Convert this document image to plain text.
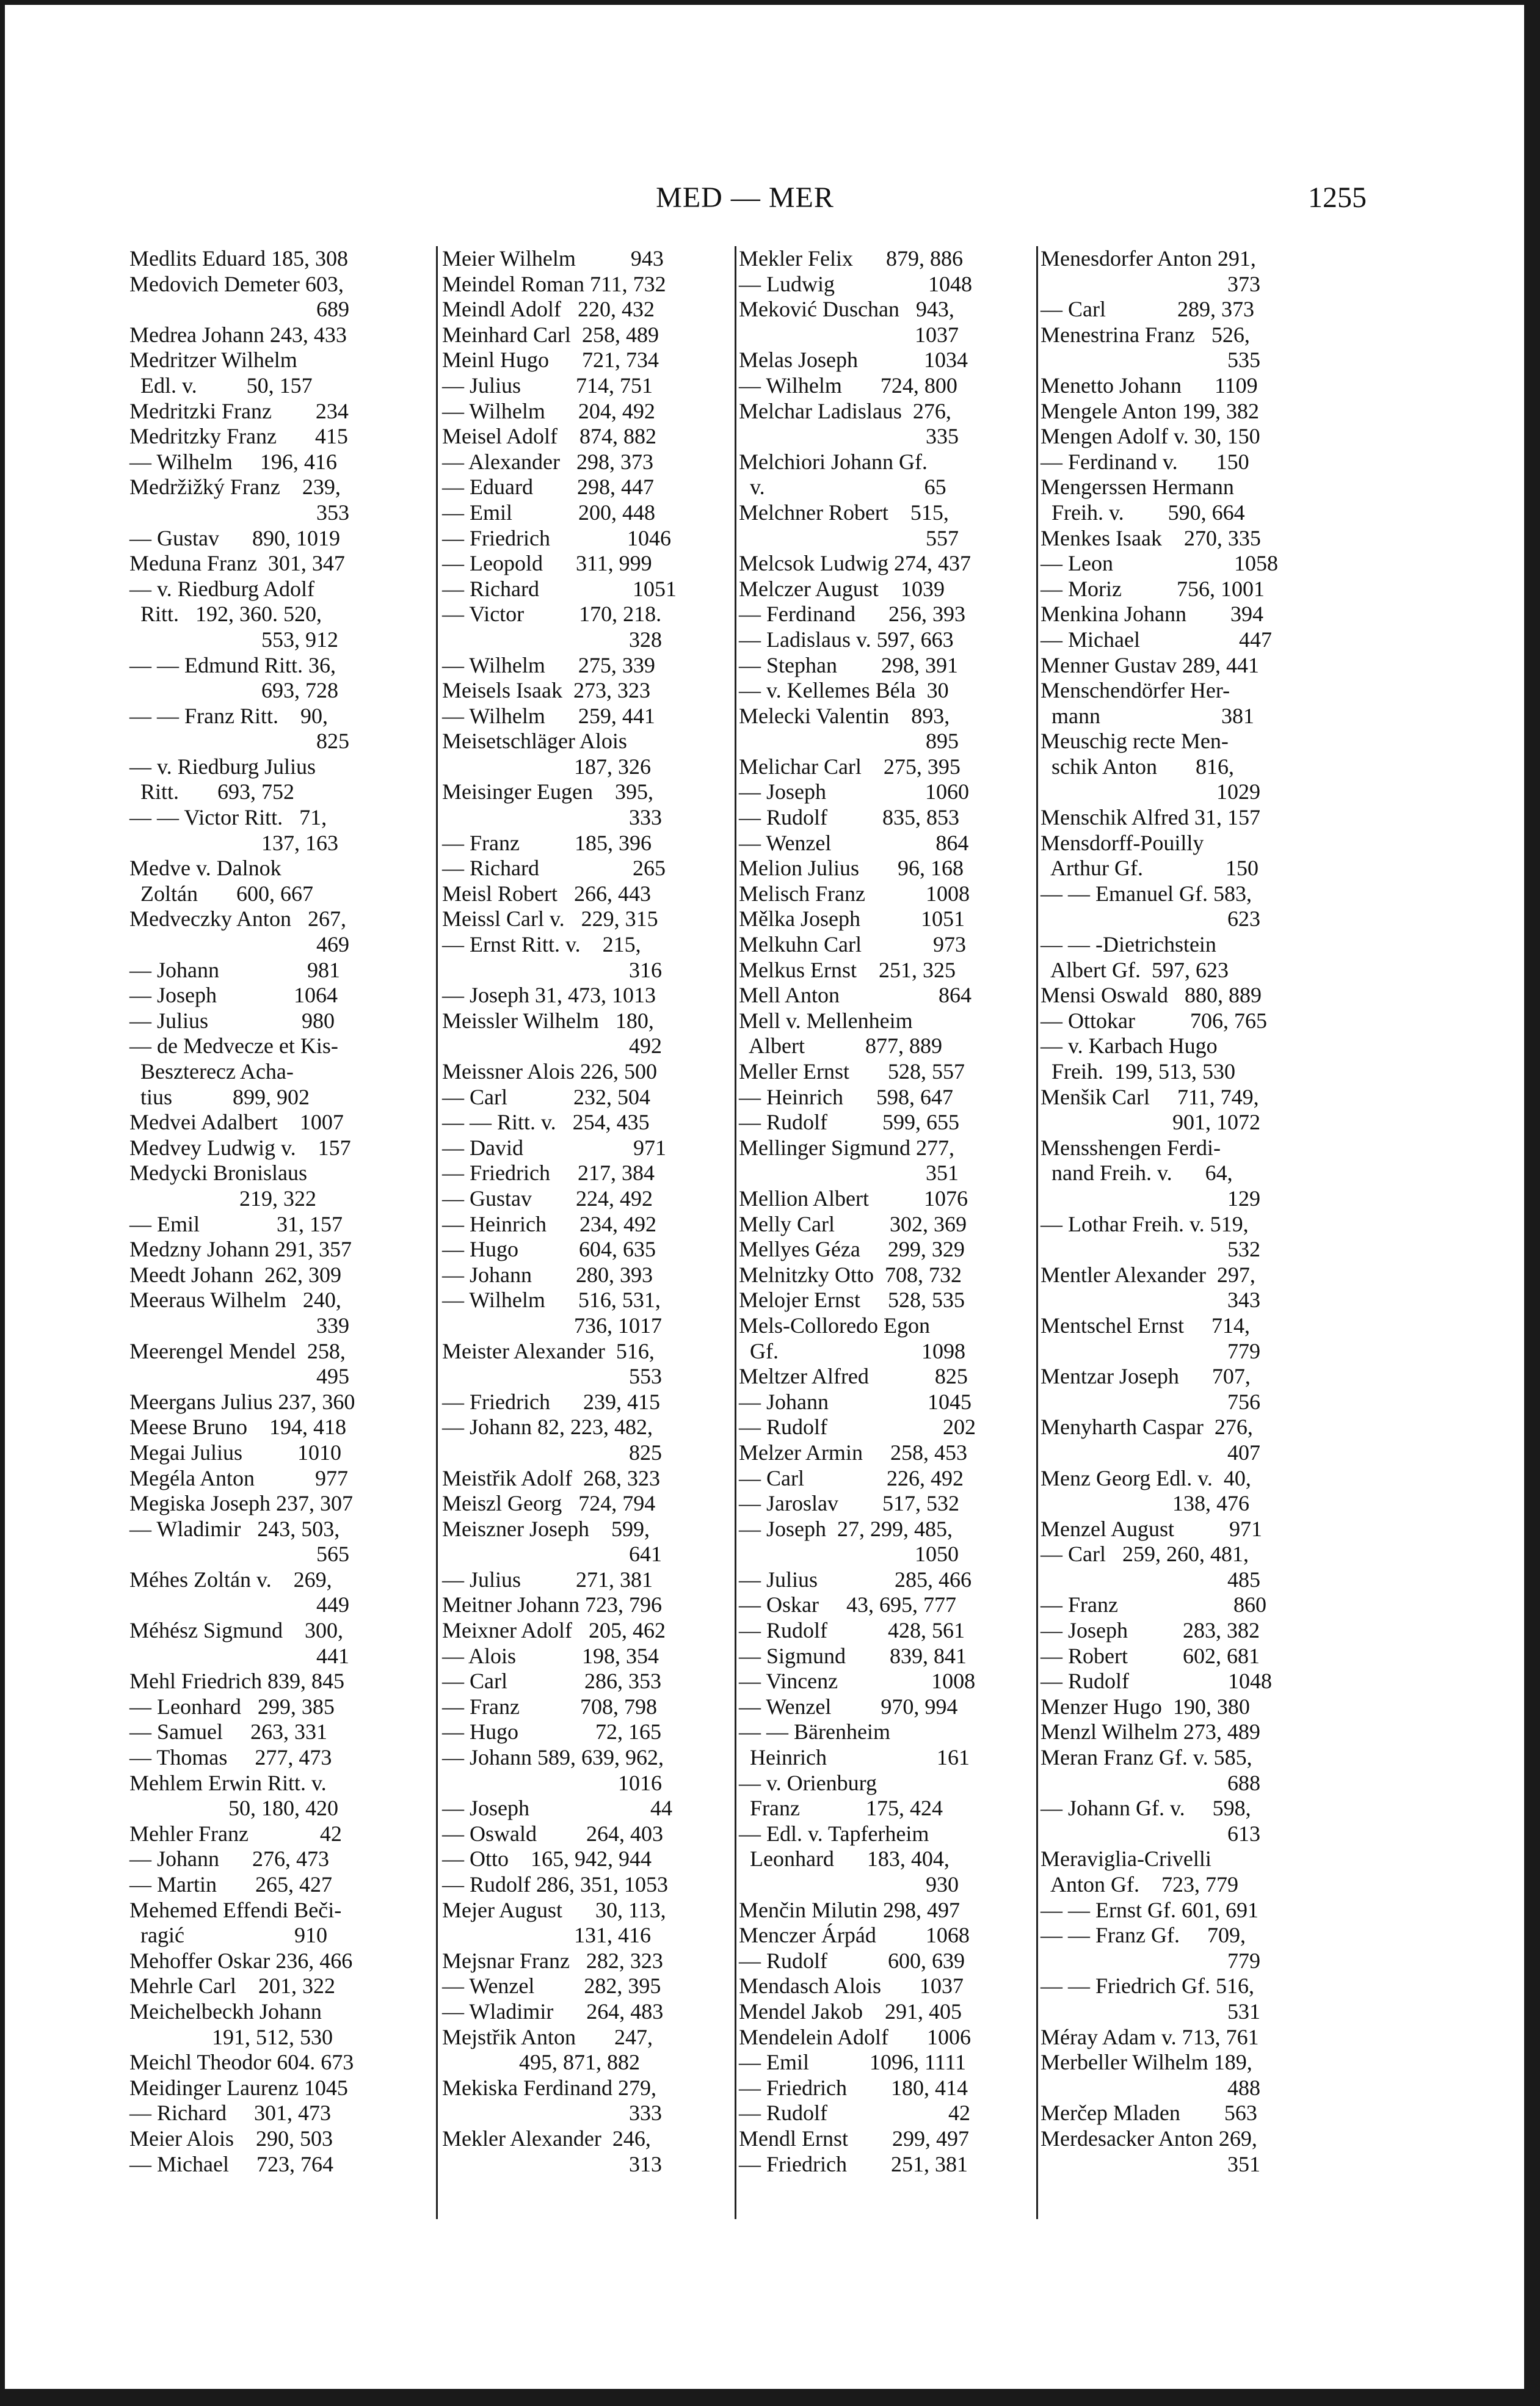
MED — MER	1255
Medlits Eduard 185, 308
Medovich Demeter 603,
689
Medrea Johann 243, 433
Medritzer Wilhelm
Edl. v.         50, 157
Medritzki Franz        234
Medritzky Franz       415
— Wilhelm     196, 416
Medržižký Franz    239,
353
— Gustav      890, 1019
Meduna Franz  301, 347
— v. Riedburg Adolf
Ritt.   192, 360. 520,
553, 912
— — Edmund Ritt. 36,
693, 728
— — Franz Ritt.    90,
825
— v. Riedburg Julius
Ritt.       693, 752
— — Victor Ritt.   71,
137, 163
Medve v. Dalnok
Zoltán       600, 667
Medveczky Anton   267,
469
— Johann                981
— Joseph              1064
— Julius                 980
— de Medvecze et Kis-
Beszterecz Acha-
tius           899, 902
Medvei Adalbert    1007
Medvey Ludwig v.    157
Medycki Bronislaus
219, 322
— Emil              31, 157
Medzny Johann 291, 357
Meedt Johann  262, 309
Meeraus Wilhelm   240,
339
Meerengel Mendel  258,
495
Meergans Julius 237, 360
Meese Bruno    194, 418
Megai Julius          1010
Megéla Anton           977
Megiska Joseph 237, 307
— Wladimir   243, 503,
565
Méhes Zoltán v.    269,
449
Méhész Sigmund    300,
441
Mehl Friedrich 839, 845
— Leonhard   299, 385
— Samuel     263, 331
— Thomas     277, 473
Mehlem Erwin Ritt. v.
50, 180, 420
Mehler Franz             42
— Johann      276, 473
— Martin       265, 427
Mehemed Effendi Beči-
ragić                    910
Mehoffer Oskar 236, 466
Mehrle Carl    201, 322
Meichelbeckh Johann
191, 512, 530
Meichl Theodor 604. 673
Meidinger Laurenz 1045
— Richard     301, 473
Meier Alois    290, 503
— Michael     723, 764
Meier Wilhelm          943
Meindel Roman 711, 732
Meindl Adolf   220, 432
Meinhard Carl  258, 489
Meinl Hugo      721, 734
— Julius          714, 751
— Wilhelm      204, 492
Meisel Adolf    874, 882
— Alexander   298, 373
— Eduard        298, 447
— Emil            200, 448
— Friedrich              1046
— Leopold      311, 999
— Richard                 1051
— Victor          170, 218.
328
— Wilhelm      275, 339
Meisels Isaak  273, 323
— Wilhelm      259, 441
Meisetschläger Alois
187, 326
Meisinger Eugen    395,
333
— Franz          185, 396
— Richard                 265
Meisl Robert   266, 443
Meissl Carl v.   229, 315
— Ernst Ritt. v.    215,
316
— Joseph 31, 473, 1013
Meissler Wilhelm   180,
492
Meissner Alois 226, 500
— Carl            232, 504
— — Ritt. v.   254, 435
— David                    971
— Friedrich     217, 384
— Gustav        224, 492
— Heinrich      234, 492
— Hugo           604, 635
— Johann        280, 393
— Wilhelm      516, 531,
736, 1017
Meister Alexander  516,
553
— Friedrich      239, 415
— Johann 82, 223, 482,
825
Meistřik Adolf  268, 323
Meiszl Georg   724, 794
Meiszner Joseph    599,
641
— Julius          271, 381
Meitner Johann 723, 796
Meixner Adolf   205, 462
— Alois            198, 354
— Carl              286, 353
— Franz           708, 798
— Hugo              72, 165
— Johann 589, 639, 962,
1016
— Joseph                      44
— Oswald         264, 403
— Otto    165, 942, 944
— Rudolf 286, 351, 1053
Mejer August      30, 113,
131, 416
Mejsnar Franz   282, 323
— Wenzel         282, 395
— Wladimir      264, 483
Mejstřik Anton       247,
495, 871, 882
Mekiska Ferdinand 279,
333
Mekler Alexander  246,
313
Mekler Felix      879, 886
— Ludwig                 1048
Meković Duschan   943,
1037
Melas Joseph            1034
— Wilhelm       724, 800
Melchar Ladislaus  276,
335
Melchiori Johann Gf.
v.                             65
Melchner Robert    515,
557
Melcsok Ludwig 274, 437
Melczer August    1039
— Ferdinand      256, 393
— Ladislaus v. 597, 663
— Stephan        298, 391
— v. Kellemes Béla  30
Melecki Valentin    893,
895
Melichar Carl    275, 395
— Joseph                  1060
— Rudolf          835, 853
— Wenzel                   864
Melion Julius       96, 168
Melisch Franz           1008
Mělka Joseph           1051
Melkuhn Carl             973
Melkus Ernst    251, 325
Mell Anton                  864
Mell v. Mellenheim
Albert           877, 889
Meller Ernst       528, 557
— Heinrich      598, 647
— Rudolf          599, 655
Mellinger Sigmund 277,
351
Mellion Albert          1076
Melly Carl          302, 369
Mellyes Géza     299, 329
Melnitzky Otto  708, 732
Melojer Ernst     528, 535
Mels-Colloredo Egon
Gf.                          1098
Meltzer Alfred            825
— Johann                  1045
— Rudolf                     202
Melzer Armin     258, 453
— Carl               226, 492
— Jaroslav        517, 532
— Joseph  27, 299, 485,
1050
— Julius              285, 466
— Oskar     43, 695, 777
— Rudolf           428, 561
— Sigmund        839, 841
— Vincenz                 1008
— Wenzel         970, 994
— — Bärenheim
Heinrich                    161
— v. Orienburg
Franz            175, 424
— Edl. v. Tapferheim
Leonhard      183, 404,
930
Menčin Milutin 298, 497
Menczer Árpád         1068
— Rudolf           600, 639
Mendasch Alois       1037
Mendel Jakob    291, 405
Mendelein Adolf       1006
— Emil           1096, 1111
— Friedrich        180, 414
— Rudolf                      42
Mendl Ernst        299, 497
— Friedrich        251, 381
Menesdorfer Anton 291,
373
— Carl             289, 373
Menestrina Franz   526,
535
Menetto Johann      1109
Mengele Anton 199, 382
Mengen Adolf v. 30, 150
— Ferdinand v.       150
Mengerssen Hermann
Freih. v.        590, 664
Menkes Isaak    270, 335
— Leon                      1058
— Moriz          756, 1001
Menkina Johann        394
— Michael                  447
Menner Gustav 289, 441
Menschendörfer Her-
mann                      381
Meuschig recte Men-
schik Anton       816,
1029
Menschik Alfred 31, 157
Mensdorff-Pouilly
Arthur Gf.               150
— — Emanuel Gf. 583,
623
— — -Dietrichstein
Albert Gf.  597, 623
Mensi Oswald   880, 889
— Ottokar          706, 765
— v. Karbach Hugo
Freih.  199, 513, 530
Menšik Carl     711, 749,
901, 1072
Mensshengen Ferdi-
nand Freih. v.      64,
129
— Lothar Freih. v. 519,
532
Mentler Alexander  297,
343
Mentschel Ernst     714,
779
Mentzar Joseph      707,
756
Menyharth Caspar  276,
407
Menz Georg Edl. v.  40,
138, 476
Menzel August          971
— Carl   259, 260, 481,
485
— Franz                     860
— Joseph          283, 382
— Robert          602, 681
— Rudolf                  1048
Menzer Hugo  190, 380
Menzl Wilhelm 273, 489
Meran Franz Gf. v. 585,
688
— Johann Gf. v.     598,
613
Meraviglia-Crivelli
Anton Gf.    723, 779
— — Ernst Gf. 601, 691
— — Franz Gf.     709,
779
— — Friedrich Gf. 516,
531
Méray Adam v. 713, 761
Merbeller Wilhelm 189,
488
Merčep Mladen        563
Merdesacker Anton 269,
351
